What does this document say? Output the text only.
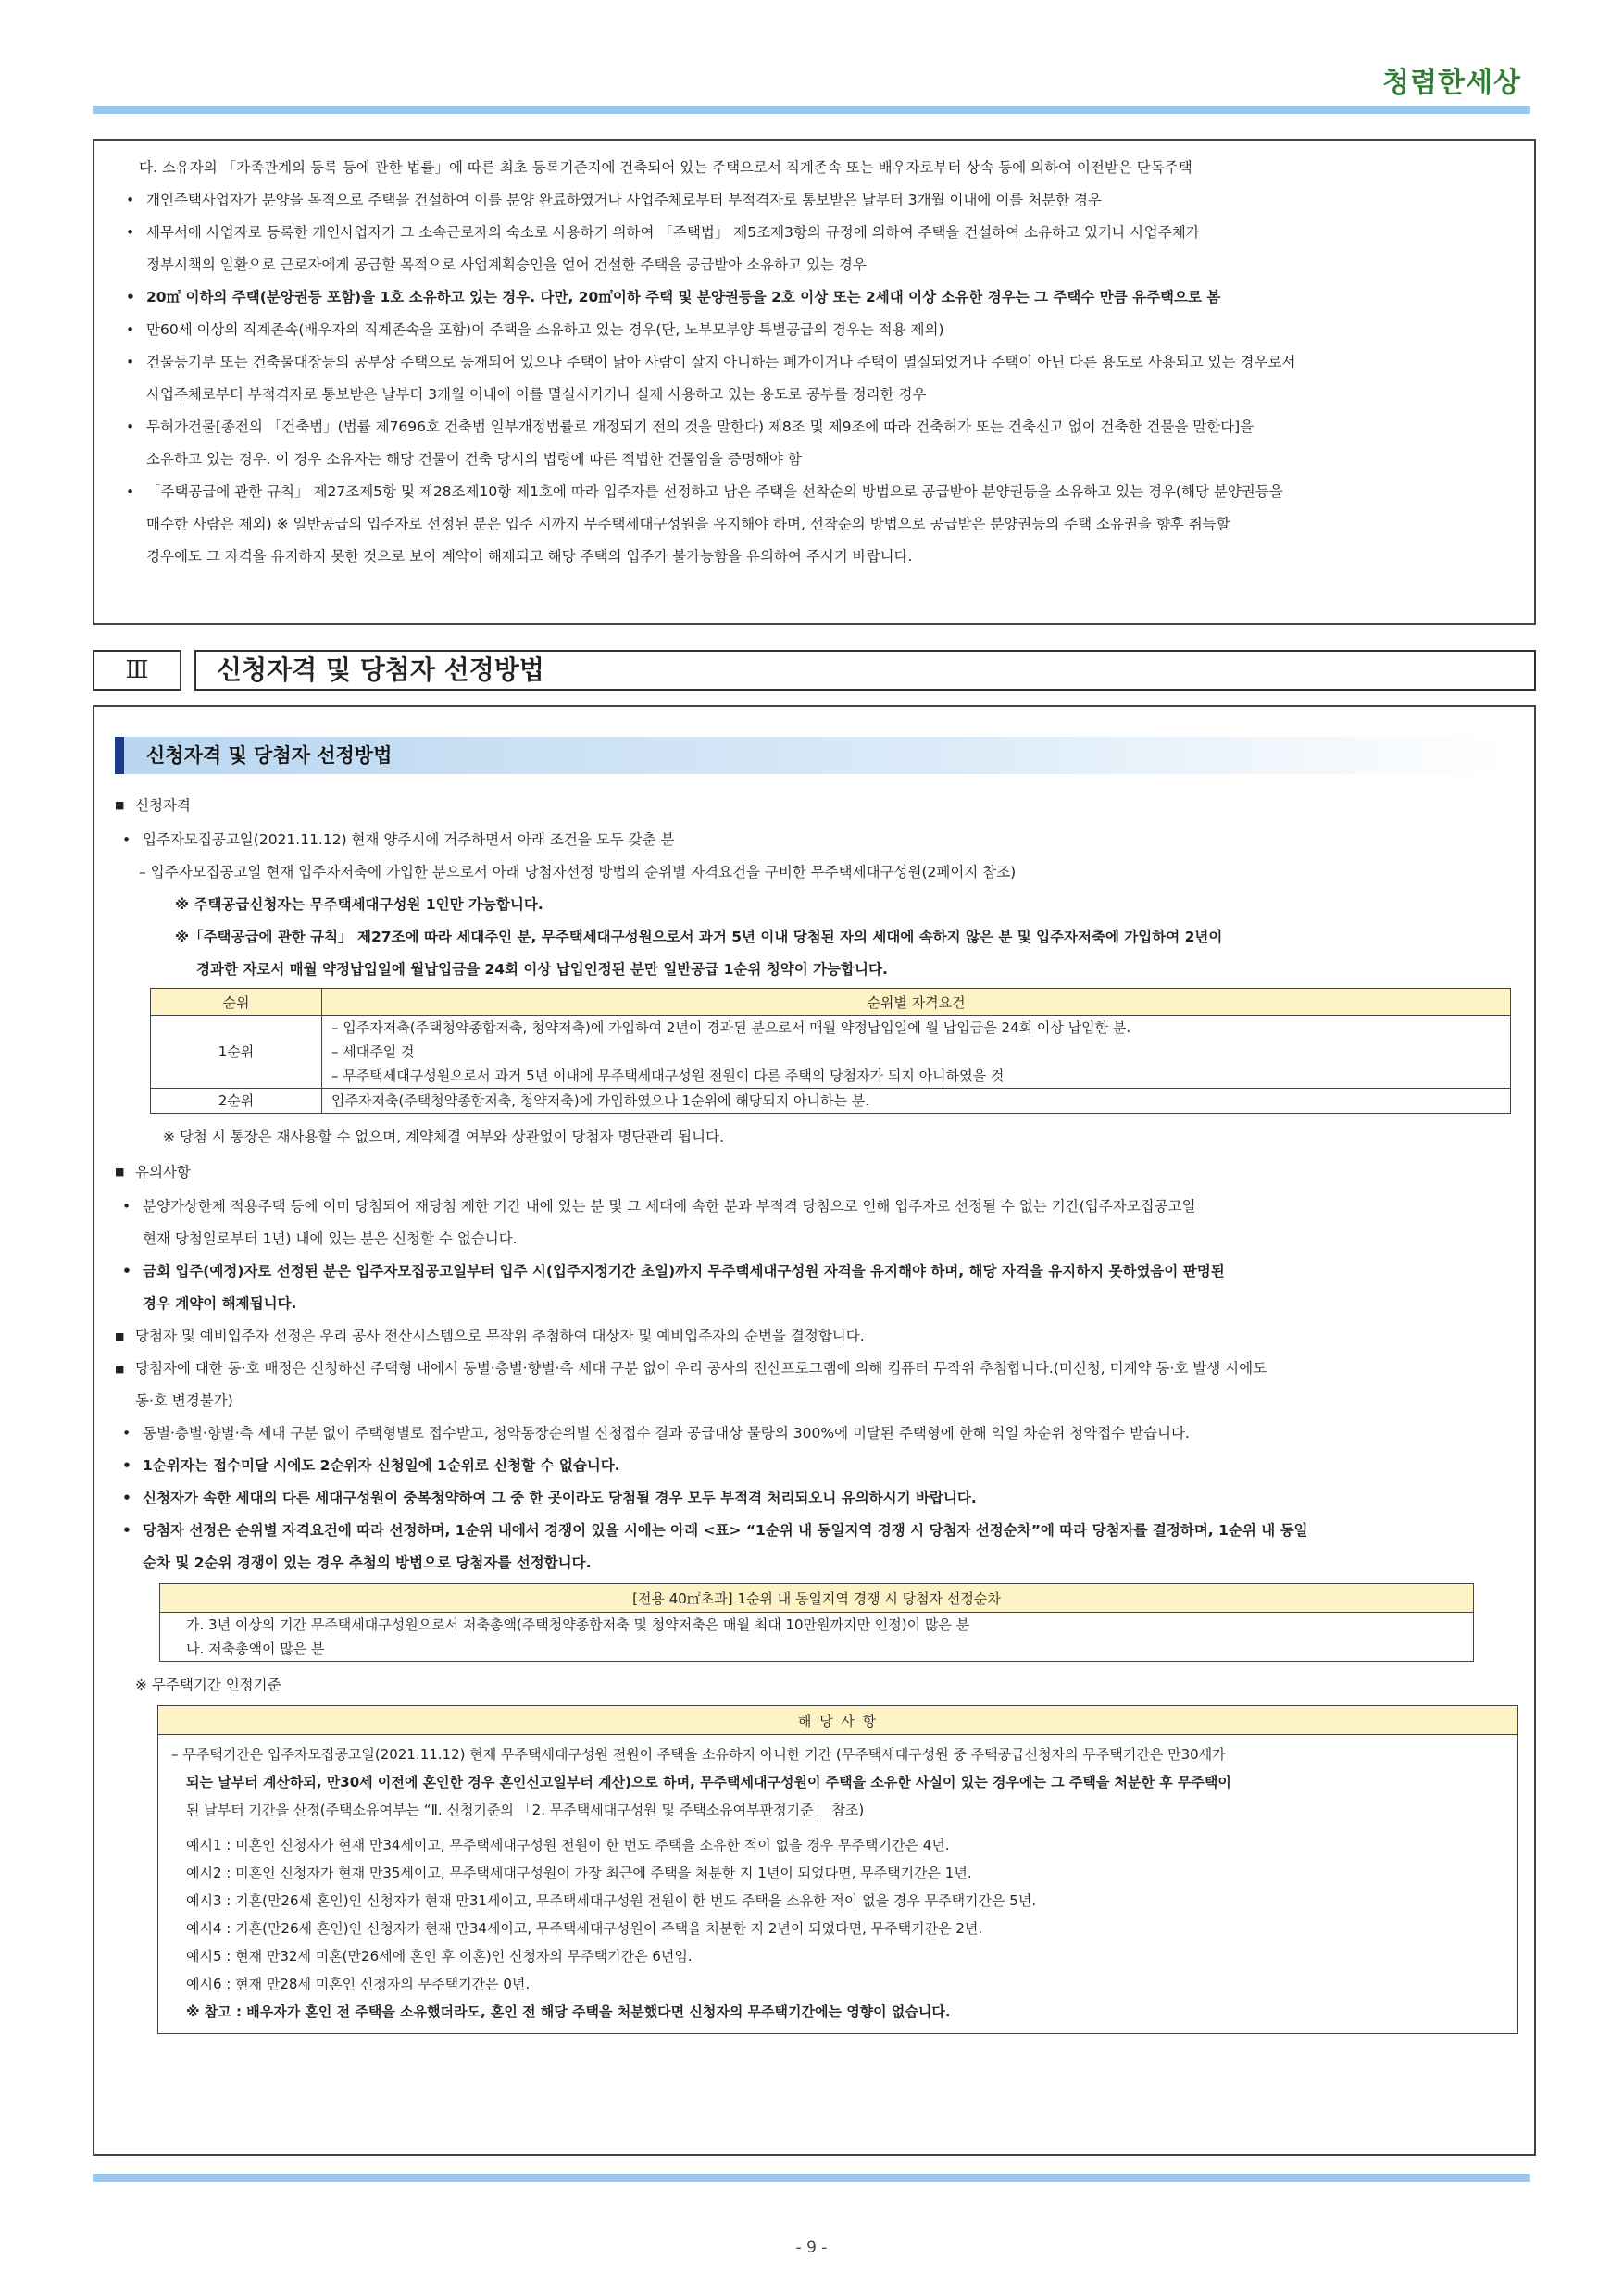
청렴한세상
다. 소유자의 「가족관계의 등록 등에 관한 법률」에 따른 최초 등록기준지에 건축되어 있는 주택으로서 직계존속 또는 배우자로부터 상속 등에 의하여 이전받은 단독주택
• 개인주택사업자가 분양을 목적으로 주택을 건설하여 이를 분양 완료하였거나 사업주체로부터 부적격자로 통보받은 날부터 3개월 이내에 이를 처분한 경우
• 세무서에 사업자로 등록한 개인사업자가 그 소속근로자의 숙소로 사용하기 위하여 「주택법」 제5조제3항의 규정에 의하여 주택을 건설하여 소유하고 있거나 사업주체가
정부시책의 일환으로 근로자에게 공급할 목적으로 사업계획승인을 얻어 건설한 주택을 공급받아 소유하고 있는 경우
• 20㎡ 이하의 주택(분양권등 포함)을 1호 소유하고 있는 경우. 다만, 20㎡이하 주택 및 분양권등을 2호 이상 또는 2세대 이상 소유한 경우는 그 주택수 만큼 유주택으로 봄
• 만60세 이상의 직계존속(배우자의 직계존속을 포함)이 주택을 소유하고 있는 경우(단, 노부모부양 특별공급의 경우는 적용 제외)
• 건물등기부 또는 건축물대장등의 공부상 주택으로 등재되어 있으나 주택이 낡아 사람이 살지 아니하는 폐가이거나 주택이 멸실되었거나 주택이 아닌 다른 용도로 사용되고 있는 경우로서
사업주체로부터 부적격자로 통보받은 날부터 3개월 이내에 이를 멸실시키거나 실제 사용하고 있는 용도로 공부를 정리한 경우
• 무허가건물[종전의 「건축법」(법률 제7696호 건축법 일부개정법률로 개정되기 전의 것을 말한다) 제8조 및 제9조에 따라 건축허가 또는 건축신고 없이 건축한 건물을 말한다]을
소유하고 있는 경우. 이 경우 소유자는 해당 건물이 건축 당시의 법령에 따른 적법한 건물임을 증명해야 함
• 「주택공급에 관한 규칙」 제27조제5항 및 제28조제10항 제1호에 따라 입주자를 선정하고 남은 주택을 선착순의 방법으로 공급받아 분양권등을 소유하고 있는 경우(해당 분양권등을
매수한 사람은 제외) ※ 일반공급의 입주자로 선정된 분은 입주 시까지 무주택세대구성원을 유지해야 하며, 선착순의 방법으로 공급받은 분양권등의 주택 소유권을 향후 취득할
경우에도 그 자격을 유지하지 못한 것으로 보아 계약이 해제되고 해당 주택의 입주가 불가능함을 유의하여 주시기 바랍니다.
Ⅲ	신청자격 및 당첨자 선정방법
신청자격 및 당첨자 선정방법
■ 신청자격
• 입주자모집공고일(2021.11.12) 현재 양주시에 거주하면서 아래 조건을 모두 갖춘 분
– 입주자모집공고일 현재 입주자저축에 가입한 분으로서 아래 당첨자선정 방법의 순위별 자격요건을 구비한 무주택세대구성원(2페이지 참조)
※ 주택공급신청자는 무주택세대구성원 1인만 가능합니다.
※「주택공급에 관한 규칙」 제27조에 따라 세대주인 분, 무주택세대구성원으로서 과거 5년 이내 당첨된 자의 세대에 속하지 않은 분 및 입주자저축에 가입하여 2년이
경과한 자로서 매월 약정납입일에 월납입금을 24회 이상 납입인정된 분만 일반공급 1순위 청약이 가능합니다.
순위	순위별 자격요건
1순위	– 입주자저축(주택청약종합저축, 청약저축)에 가입하여 2년이 경과된 분으로서 매월 약정납입일에 월 납입금을 24회 이상 납입한 분.
– 세대주일 것
– 무주택세대구성원으로서 과거 5년 이내에 무주택세대구성원 전원이 다른 주택의 당첨자가 되지 아니하였을 것

2순위	입주자저축(주택청약종합저축, 청약저축)에 가입하였으나 1순위에 해당되지 아니하는 분.
※ 당첨 시 통장은 재사용할 수 없으며, 계약체결 여부와 상관없이 당첨자 명단관리 됩니다.
■ 유의사항
• 분양가상한제 적용주택 등에 이미 당첨되어 재당첨 제한 기간 내에 있는 분 및 그 세대에 속한 분과 부적격 당첨으로 인해 입주자로 선정될 수 없는 기간(입주자모집공고일
현재 당첨일로부터 1년) 내에 있는 분은 신청할 수 없습니다.
• 금회 입주(예정)자로 선정된 분은 입주자모집공고일부터 입주 시(입주지정기간 초일)까지 무주택세대구성원 자격을 유지해야 하며, 해당 자격을 유지하지 못하였음이 판명된
경우 계약이 해제됩니다.
■ 당첨자 및 예비입주자 선정은 우리 공사 전산시스템으로 무작위 추첨하여 대상자 및 예비입주자의 순번을 결정합니다.
■ 당첨자에 대한 동·호 배정은 신청하신 주택형 내에서 동별·층별·향별·측 세대 구분 없이 우리 공사의 전산프로그램에 의해 컴퓨터 무작위 추첨합니다.(미신청, 미계약 동·호 발생 시에도
동·호 변경불가)
• 동별·층별·향별·측 세대 구분 없이 주택형별로 접수받고, 청약통장순위별 신청접수 결과 공급대상 물량의 300%에 미달된 주택형에 한해 익일 차순위 청약접수 받습니다.
• 1순위자는 접수미달 시에도 2순위자 신청일에 1순위로 신청할 수 없습니다.
• 신청자가 속한 세대의 다른 세대구성원이 중복청약하여 그 중 한 곳이라도 당첨될 경우 모두 부적격 처리되오니 유의하시기 바랍니다.
• 당첨자 선정은 순위별 자격요건에 따라 선정하며, 1순위 내에서 경쟁이 있을 시에는 아래 <표> “1순위 내 동일지역 경쟁 시 당첨자 선정순차”에 따라 당첨자를 결정하며, 1순위 내 동일
순차 및 2순위 경쟁이 있는 경우 추첨의 방법으로 당첨자를 선정합니다.
[전용 40㎡초과] 1순위 내 동일지역 경쟁 시 당첨자 선정순차

가. 3년 이상의 기간 무주택세대구성원으로서 저축총액(주택청약종합저축 및 청약저축은 매월 최대 10만원까지만 인정)이 많은 분
나. 저축총액이 많은 분
※ 무주택기간 인정기준
해 당 사 항

– 무주택기간은 입주자모집공고일(2021.11.12) 현재 무주택세대구성원 전원이 주택을 소유하지 아니한 기간 (무주택세대구성원 중 주택공급신청자의 무주택기간은 만30세가
되는 날부터 계산하되, 만30세 이전에 혼인한 경우 혼인신고일부터 계산)으로 하며, 무주택세대구성원이 주택을 소유한 사실이 있는 경우에는 그 주택을 처분한 후 무주택이
된 날부터 기간을 산정(주택소유여부는 “Ⅱ. 신청기준의 「2. 무주택세대구성원 및 주택소유여부판정기준」 참조)
예시1 : 미혼인 신청자가 현재 만34세이고, 무주택세대구성원 전원이 한 번도 주택을 소유한 적이 없을 경우 무주택기간은 4년.
예시2 : 미혼인 신청자가 현재 만35세이고, 무주택세대구성원이 가장 최근에 주택을 처분한 지 1년이 되었다면, 무주택기간은 1년.
예시3 : 기혼(만26세 혼인)인 신청자가 현재 만31세이고, 무주택세대구성원 전원이 한 번도 주택을 소유한 적이 없을 경우 무주택기간은 5년.
예시4 : 기혼(만26세 혼인)인 신청자가 현재 만34세이고, 무주택세대구성원이 주택을 처분한 지 2년이 되었다면, 무주택기간은 2년.
예시5 : 현재 만32세 미혼(만26세에 혼인 후 이혼)인 신청자의 무주택기간은 6년임.
예시6 : 현재 만28세 미혼인 신청자의 무주택기간은 0년.
※ 참고 : 배우자가 혼인 전 주택을 소유했더라도, 혼인 전 해당 주택을 처분했다면 신청자의 무주택기간에는 영향이 없습니다.
- 9 -
